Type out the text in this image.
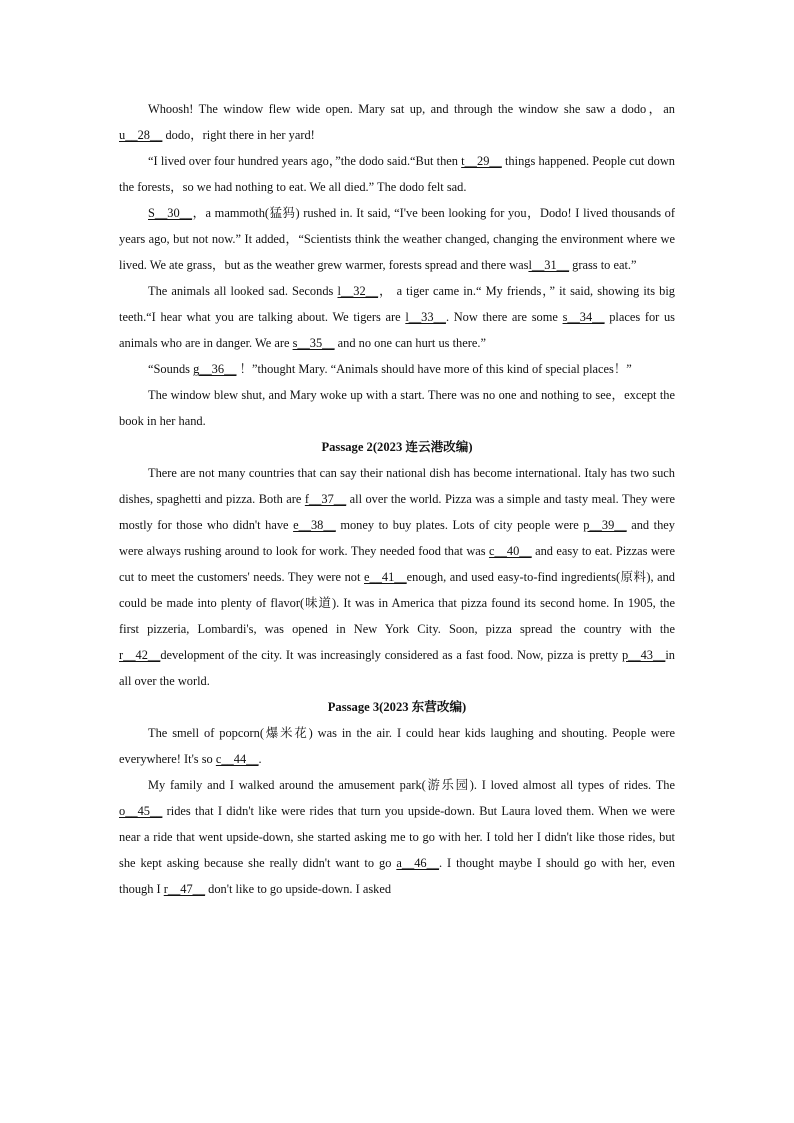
Whoosh! The window flew wide open. Mary sat up, and through the window she saw a dodo，an u__28__ dodo，right there in her yard!

“I lived over four hundred years ago，”the dodo said.“But then t__29__ things happened. People cut down the forests，so we had nothing to eat. We all died.” The dodo felt sad.

S__30__，a mammoth(猛犸) rushed in. It said, “I've been looking for you，Dodo! I lived thousands of years ago, but not now.” It added，“Scientists think the weather changed, changing the environment where we lived. We ate grass，but as the weather grew warmer, forests spread and there wasl__31__ grass to eat.”

The animals all looked sad. Seconds l__32__， a tiger came in.“ My friends，” it said, showing its big teeth.“I hear what you are talking about. We tigers are l__33__. Now there are some s__34__ places for us animals who are in danger. We are s__35__ and no one can hurt us there.”

“Sounds g__36__ ！”thought Mary. “Animals should have more of this kind of special places！”

The window blew shut, and Mary woke up with a start. There was no one and nothing to see，except the book in her hand.

Passage 2(2023 连云港改编)

There are not many countries that can say their national dish has become international. Italy has two such dishes, spaghetti and pizza. Both are f__37__ all over the world. Pizza was a simple and tasty meal. They were mostly for those who didn't have e__38__ money to buy plates. Lots of city people were p__39__ and they were always rushing around to look for work. They needed food that was c__40__ and easy to eat. Pizzas were cut to meet the customers' needs. They were not e__41__enough, and used easy-to-find ingredients(原料), and could be made into plenty of flavor(味道). It was in America that pizza found its second home. In 1905, the first pizzeria, Lombardi's, was opened in New York City. Soon, pizza spread the country with the r__42__development of the city. It was increasingly considered as a fast food. Now, pizza is pretty p__43__in all over the world.

Passage 3(2023 东营改编)

The smell of popcorn(爆米花) was in the air. I could hear kids laughing and shouting. People were everywhere! It's so c__44__.

My family and I walked around the amusement park(游乐园). I loved almost all types of rides. The o__45__ rides that I didn't like were rides that turn you upside-down. But Laura loved them. When we were near a ride that went upside-down, she started asking me to go with her. I told her I didn't like those rides, but she kept asking because she really didn't want to go a__46__. I thought maybe I should go with her, even though I r__47__ don't like to go upside-down. I asked
